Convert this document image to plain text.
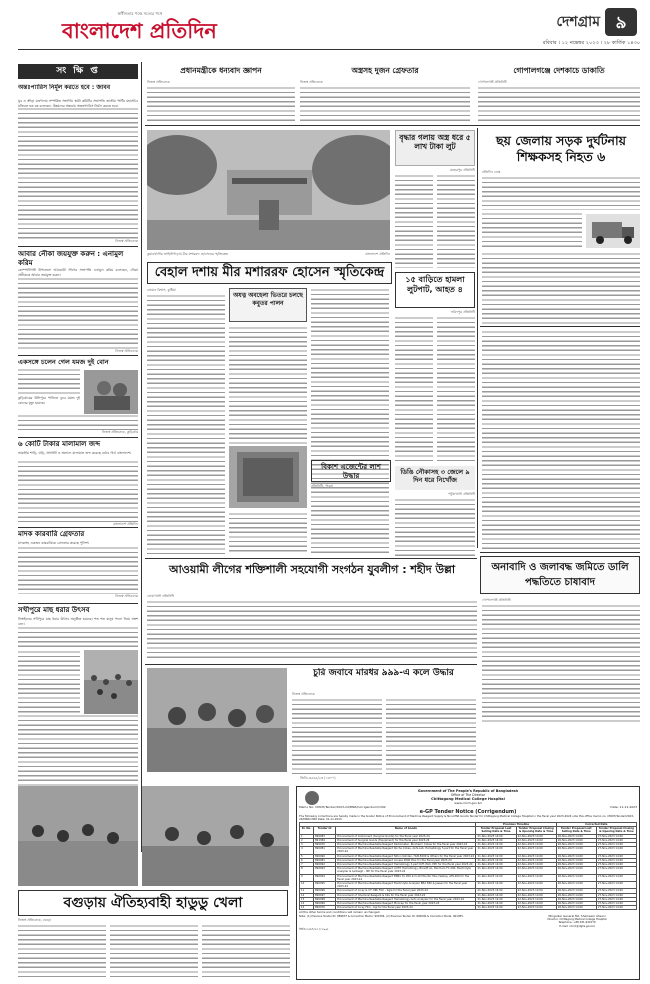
স্বাধীনতার পক্ষে সত্যের পথে
বাংলাদেশ প্রতিদিন	দেশগ্রাম ৯
রবিবার । ১২ নভেম্বর ২০২৩ । ২৮ কার্তিক ১৪৩০
সং ক্ষি প্ত
অন্তঃপ্যারিস নির্মূল করতে হবে : জাবব
যুব ও ক্রীড়া মন্ত্রণালয় সম্পর্কিত সংসদীয় স্থায়ী কমিটির সভাপতি জাতীয় পার্টির মহাসচিব মুজিবুল হক চুন্নু বলেছেন, উন্নয়নের অন্তরায় অন্তঃপ্যারিস নির্মূল করতে হবে।
নিজস্ব প্রতিবেদক
আবার নৌকা জয়যুক্ত করুন : এনামুল করিম
কোম্পানীগঞ্জ উপজেলা আওয়ামী লীগের সভাপতি এনামুল করিম বলেছেন, নৌকা প্রতীককে আবার জয়যুক্ত করুন।
নিজস্ব প্রতিবেদক
একসঙ্গে চলেন গেল যমজ দুই বোন
কুড়িগ্রামের উলিপুরে পানিতে ডুবে যমজ দুই বোনের মৃত্যু হয়েছে।
নিজস্ব প্রতিবেদক, কুড়িগ্রাম
৬ কোটি টাকার মালামাল জব্দ
ভারতীয় শাড়ি, ঘড়ি, প্রসাধনী ও অন্যান্য মালামাল জব্দ করেছে বর্ডার গার্ড বাংলাদেশ।
বাংলাদেশ প্রতিদিন
মাদক কারবারি গ্রেফতার
মাদকসহ একজন কারবারিকে গ্রেফতার করেছে পুলিশ।
নিজস্ব প্রতিবেদক
সখীপুরে মাছ ধরার উৎসব
টাঙ্গাইলের সখীপুরে মাছ ধরার উৎসব অনুষ্ঠিত হয়েছে। শত শত মানুষ পলো নিয়ে অংশ নেন।
প্রধানমন্ত্রীকে ধন্যবাদ জ্ঞাপন
নিজস্ব প্রতিবেদক
অস্ত্রসহ দুজন গ্রেফতার
নিজস্ব প্রতিবেদক
গোপালগঞ্জে দেশকাচে ডাকাতি
গোপালগঞ্জ প্রতিনিধি
কুমারখালীর লাহিনীপাড়ায় মীর মশাররফ হোসেনের স্মৃতিকেন্দ্র	বাংলাদেশ প্রতিদিন
বৃদ্ধার গলায় অস্ত্র ধরে ৫ লাখ টাকা লুট
মেহেরপুর প্রতিনিধি
ছয় জেলায় সড়ক দুর্ঘটনায় শিক্ষকসহ নিহত ৬
প্রতিদিন ডেস্ক
বেহাল দশায় মীর মশাররফ হোসেন স্মৃতিকেন্দ্র
নোমান বিশ্বাস, কুষ্টিয়া
অযত্ন অবহেলা ভিতরে চলছে কবুতর পালন
১৫ বাড়িতে হামলা লুটপাট, আহত ৪
ফরিদপুর প্রতিনিধি
ডিঙি নৌকাসহ ৩ জেলে ৯ দিন ধরে নিখোঁজ
পটুয়াখালী প্রতিনিধি
বিকাশ এজেন্টের লাশ উদ্ধার
প্রতিনিধি, পাবনা
অনাবাদি ও জলাবদ্ধ জমিতে ডালি পদ্ধতিতে চাষাবাদ
গোপালগঞ্জ প্রতিনিধি
আওয়ামী লীগের শক্তিশালী সহযোগী সংগঠন যুবলীগ : শহীদ উল্লা
নোয়াখালী প্রতিনিধি
চুরি জবাবে মারধর ৯৯৯-এ কলে উদ্ধার
নিজস্ব প্রতিবেদক
বগুড়ায় ঐতিহ্যবাহী হাডুডু খেলা
নিজস্ব প্রতিবেদক, বগুড়া
জিডি-৩৫৬৫/২৩ (১৩০০)
Government of The People's Republic of Bangladesh
Office of The Director
Chittagong Medical College Hospital
www.cmch.gov.bd
Memo No: CMCH/Tender/2023-24/MSR/Corrigendum/1392	Date: 11-11-2023
e-GP Tender Notice (Corrigendum)
The following corrections are hereby made in the tender Notice of Procurement of Machine Reagent Supply & Non-MSR Goods Tender for Chittagong Medical College Hospital in the fiscal year 2023-2024 vide this office memo no. CMCH/Tender/2023-24/MSR/1360 Date: 01-11-2023.
			Previous Timeline		Corrected Date	
Sl. No.	Tender Id	Name of Goods	Tender Proposal Last Selling Date & Time	Tender Proposal Closing & Opening Date & Time	Tender Proposal Last Selling Date & Time	Tender Proposal Closing & Opening Date & Time
1	890083	Procurement of Instrument (Surgical Goods) for the fiscal year 2023-24	21-Nov-2023 14:00	22-Nov-2023 14:00	26-Nov-2023 14:00	27-Nov-2023 14:00
2	891384	Procurement of Surgical Goods (Equipment) for the fiscal year 2023-24	21-Nov-2023 14:00	22-Nov-2023 14:00	26-Nov-2023 14:00	27-Nov-2023 14:00
3	890070	Procurement of Machine Readable Reagent Radiometer, Biochemr Cobas for the fiscal year 2023-24	21-Nov-2023 14:00	22-Nov-2023 14:00	26-Nov-2023 14:00	27-Nov-2023 14:00
4	890081	Procurement of Machine Readable Reagent Roche Cobas, ALIS-Lab, Hematology 5-part for the fiscal year 2023-24	21-Nov-2023 14:00	22-Nov-2023 14:00	26-Nov-2023 14:00	27-Nov-2023 14:00
5	890090	Procurement of Machine Readable Reagent Nihon Kohden, HLB-5000 & Others for the fiscal year 2023-24	21-Nov-2023 14:00	22-Nov-2023 14:00	26-Nov-2023 14:00	27-Nov-2023 14:00
6	890081	Procurement of Machine Readable Reagent Access 2000 Plus for the fiscal year 2023-24	21-Nov-2023 14:00	22-Nov-2023 14:00	26-Nov-2023 14:00	27-Nov-2023 14:00
7	890092	Procurement of Machine Readable Reagent Hematology 5-part Diff, PAO, PPC for the fiscal year 2023-24	21-Nov-2023 14:00	22-Nov-2023 14:00	26-Nov-2023 14:00	27-Nov-2023 14:00
8	890093	Procurement of Machine Readable Reagent AUTO Hematology, Biosoft AL, Biochem FC 200, Electrolyte Analyzer & Leitnegh - ISE for the fiscal year 2023-24	21-Nov-2023 14:00	22-Nov-2023 14:00	26-Nov-2023 14:00	27-Nov-2023 14:00
9	890094	Procurement of Machine Readable Reagent ERBA XL 200 & D-10 Monitor Plus (Sebia), ATK-200 for the fiscal year 2023-24	21-Nov-2023 14:00	22-Nov-2023 14:00	26-Nov-2023 14:00	27-Nov-2023 14:00
10	890095	Procurement of Machine Readable Reagent Electrolyte Analyzer EBA 580 & Jessen for the fiscal year 2023-24	21-Nov-2023 14:00	22-Nov-2023 14:00	26-Nov-2023 14:00	27-Nov-2023 14:00
11	890096	Procurement of X-ray & CT, MRI Film - Kgle for the fiscal year 2023-24	21-Nov-2023 14:00	22-Nov-2023 14:00	26-Nov-2023 14:00	27-Nov-2023 14:00
12	890097	Procurement of Chemical Reagent & Kits for the fiscal year 2023-24	21-Nov-2023 14:00	22-Nov-2023 14:00	26-Nov-2023 14:00	27-Nov-2023 14:00
13	890098	Procurement of Machine Readable Reagent Hematology Auto Analyzer for the fiscal year 2023-24	21-Nov-2023 14:00	22-Nov-2023 14:00	26-Nov-2023 14:00	27-Nov-2023 14:00
14	890099	Procurement of Machine Readable Reagent Minicap for the fiscal year 2023-24	21-Nov-2023 14:00	22-Nov-2023 14:00	26-Nov-2023 14:00	27-Nov-2023 14:00
15	890076	Procurement of X-ray Film - Kgl for the fiscal year 2023-24	21-Nov-2023 14:00	22-Nov-2023 14:00	26-Nov-2023 14:00	27-Nov-2023 14:00
All the other terms and conditions will remain unchanged.
Note: (1) Previous Tender ID: 889837 & Correction Memo: 901584. (2) Previous Tender ID: 890090 & Correction Mode: 901385.	(Brigadier General Md. Shameem Ahsan)
Director, Chittagong Medical College Hospital
Telephone: +88-031-630179
E-mail: cmch@dghs.gov.bd
জিডি-৩৫৬৭/২৩ (১৩০০)
